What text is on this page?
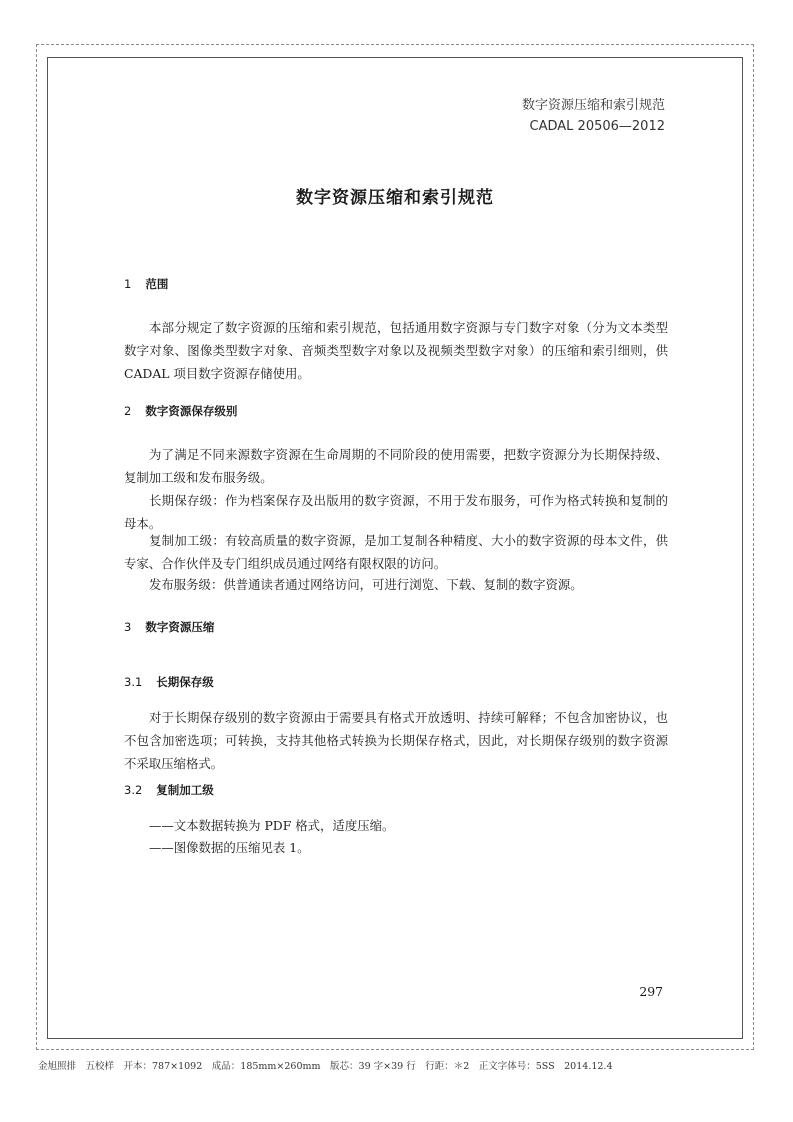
数字资源压缩和索引规范
CADAL 20506—2012
数字资源压缩和索引规范
1 范围

本部分规定了数字资源的压缩和索引规范，包括通用数字资源与专门数字对象（分为文本类型数字对象、图像类型数字对象、音频类型数字对象以及视频类型数字对象）的压缩和索引细则，供 CADAL 项目数字资源存储使用。

2 数字资源保存级别

为了满足不同来源数字资源在生命周期的不同阶段的使用需要，把数字资源分为长期保持级、复制加工级和发布服务级。

长期保存级：作为档案保存及出版用的数字资源，不用于发布服务，可作为格式转换和复制的母本。

复制加工级：有较高质量的数字资源，是加工复制各种精度、大小的数字资源的母本文件，供专家、合作伙伴及专门组织成员通过网络有限权限的访问。

发布服务级：供普通读者通过网络访问，可进行浏览、下载、复制的数字资源。

3 数字资源压缩
3.1 长期保存级

对于长期保存级别的数字资源由于需要具有格式开放透明、持续可解释；不包含加密协议，也不包含加密选项；可转换，支持其他格式转换为长期保存格式，因此，对长期保存级别的数字资源不采取压缩格式。

3.2 复制加工级

——文本数据转换为 PDF 格式，适度压缩。

——图像数据的压缩见表 1。

297

金旭照排　五校样　开本：787×1092　成品：185mm×260mm　版芯：39 字×39 行　行距：＊2　正文字体号：5SS　2014.12.4
